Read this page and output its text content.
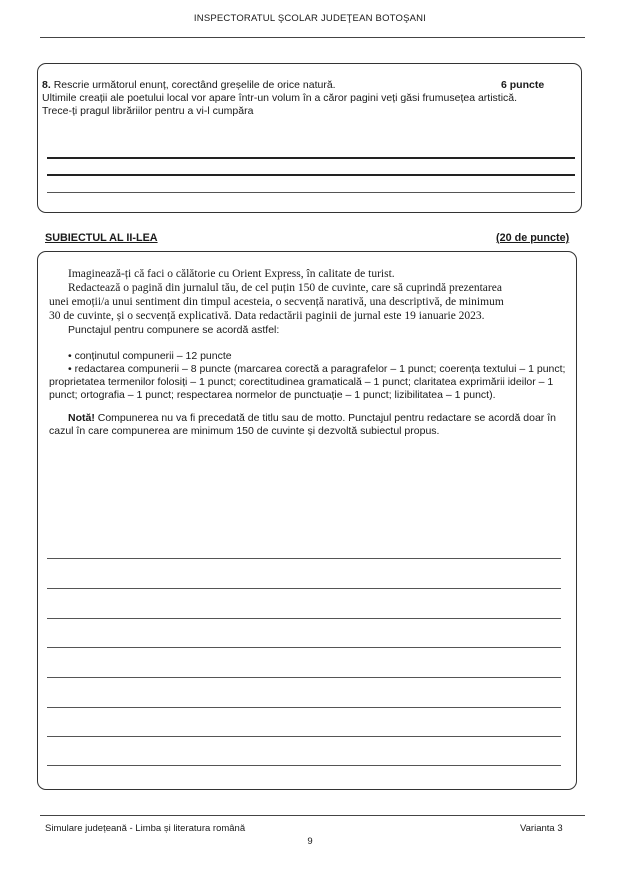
INSPECTORATUL ŞCOLAR JUDEŢEAN BOTOŞANI
8. Rescrie următorul enunț, corectând greșelile de orice natură.	6 puncte
Ultimile creații ale poetului local vor apare într-un volum în a căror pagini veți găsi frumusețea artistică.
Trece-ți pragul librăriilor pentru a vi-l cumpăra
SUBIECTUL AL II-LEA	(20 de puncte)
Imaginează-ți că faci o călătorie cu Orient Express, în calitate de turist.
Redactează o pagină din jurnalul tău, de cel puțin 150 de cuvinte, care să cuprindă prezentarea
unei emoții/a unui sentiment din timpul acesteia, o secvență narativă, una descriptivă, de minimum
30 de cuvinte, și o secvență explicativă. Data redactării paginii de jurnal este 19 ianuarie 2023.
Punctajul pentru compunere se acordă astfel:
• conținutul compunerii – 12 puncte
• redactarea compunerii – 8 puncte (marcarea corectă a paragrafelor – 1 punct; coerența textului – 1 punct;
proprietatea termenilor folosiți – 1 punct; corectitudinea gramaticală – 1 punct; claritatea exprimării ideilor – 1
punct; ortografia – 1 punct; respectarea normelor de punctuație – 1 punct; lizibilitatea – 1 punct).
Notă! Compunerea nu va fi precedată de titlu sau de motto. Punctajul pentru redactare se acordă doar în
cazul în care compunerea are minimum 150 de cuvinte și dezvoltă subiectul propus.
Simulare județeană - Limba și literatura română	Varianta 3
9
